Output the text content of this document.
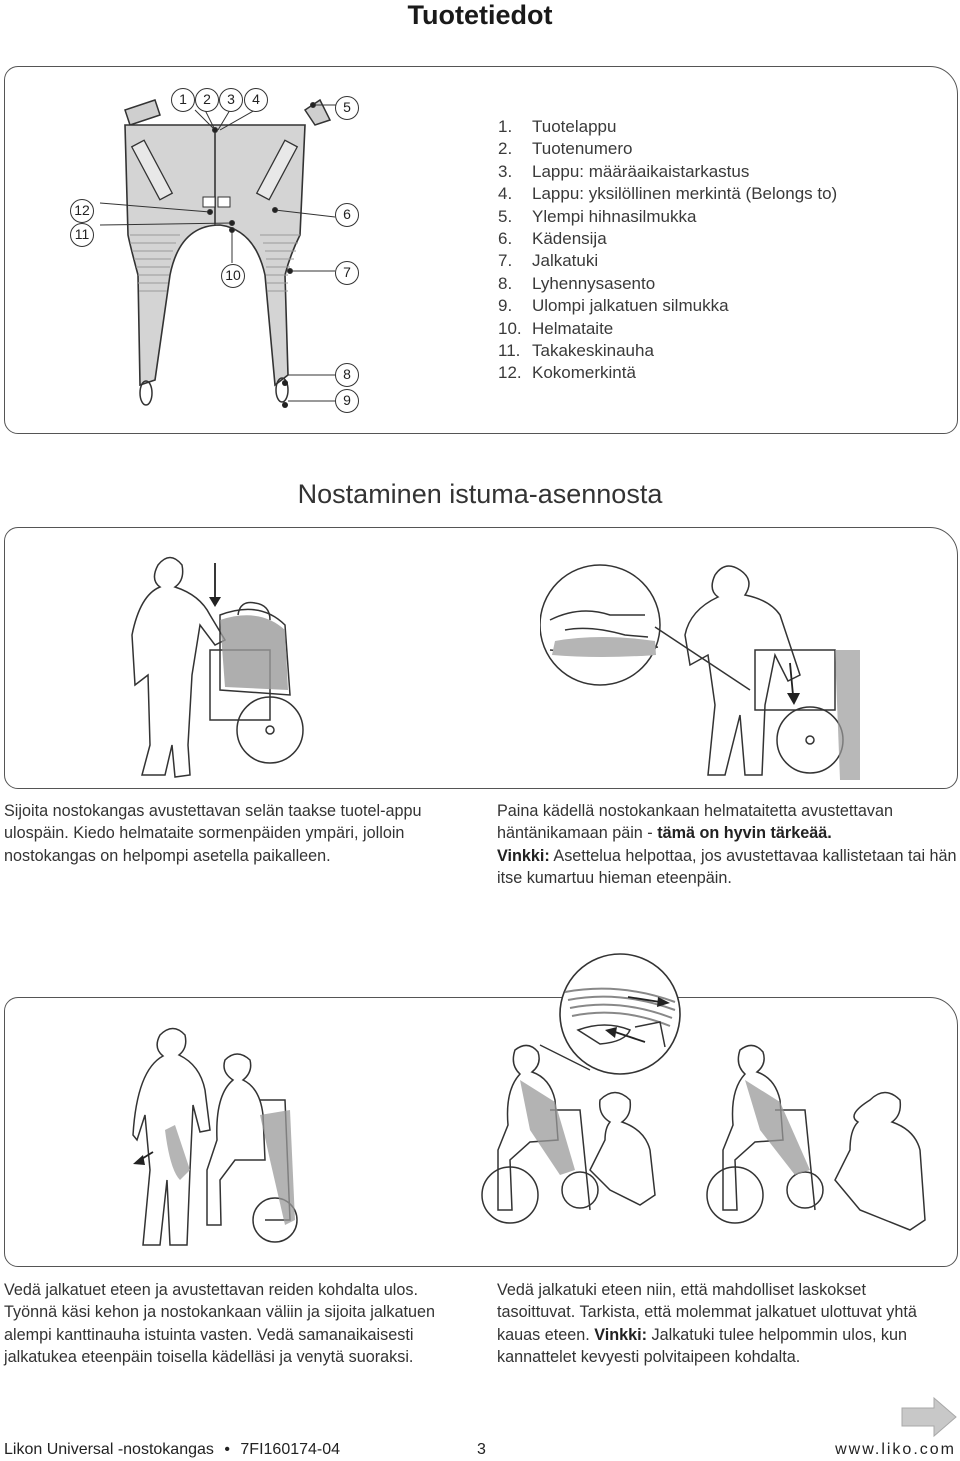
Tuotetiedot
1	2	3	4	5
6
7
8
9
10
11
12
1. Tuotelappu
2. Tuotenumero
3. Lappu: määräaikaistarkastus
4. Lappu: yksilöllinen merkintä (Belongs to)
5. Ylempi hihnasilmukka
6. Kädensija
7. Jalkatuki
8. Lyhennysasento
9. Ulompi jalkatuen silmukka
10. Helmataite
11. Takakeskinauha
12. Kokomerkintä
Nostaminen istuma-asennosta
Sijoita nostokangas avustettavan selän taakse tuotel-appu ulospäin. Kiedo helmataite sormenpäiden ympäri, jolloin nostokangas on helpompi asetella paikalleen.
Paina kädellä nostokankaan helmataitetta avustettavan häntänikamaan päin - tämä on hyvin tärkeää.
Vinkki: Asettelua helpottaa, jos avustettavaa kallistetaan tai hän itse kumartuu hieman eteenpäin.
Vedä jalkatuet eteen ja avustettavan reiden kohdalta ulos. Työnnä käsi kehon ja nostokankaan väliin ja sijoita jalkatuen alempi kanttinauha istuinta vasten. Vedä samanaikaisesti jalkatukea eteenpäin toisella kädelläsi ja venytä suoraksi.
Vedä jalkatuki eteen niin, että mahdolliset laskokset tasoittuvat. Tarkista, että molemmat jalkatuet ulottuvat yhtä kauas eteen. Vinkki: Jalkatuki tulee helpommin ulos, kun kannattelet kevyesti polvitaipeen kohdalta.
Likon Universal -nostokangas • 7FI160174-04	3	www.liko.com
